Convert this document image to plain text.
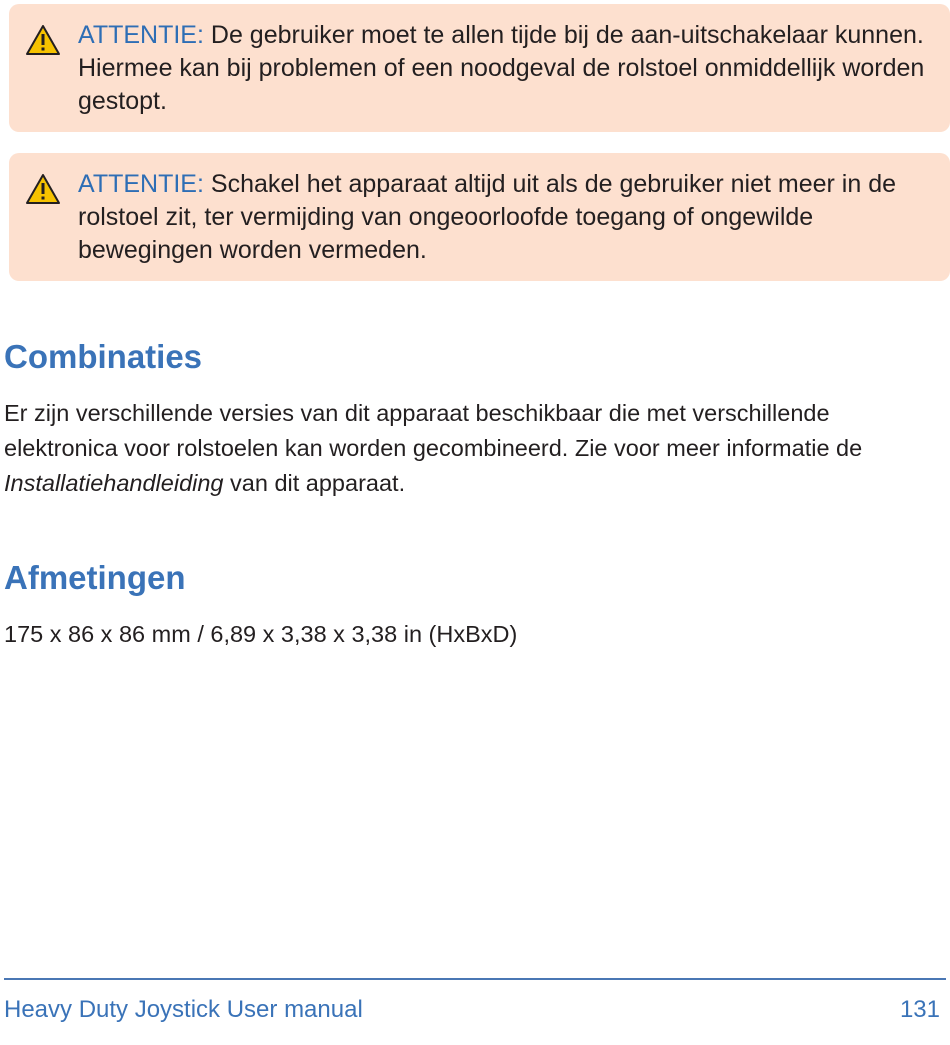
ATTENTIE: De gebruiker moet te allen tijde bij de aan-uitschakelaar kunnen. Hiermee kan bij problemen of een noodgeval de rolstoel onmiddellijk worden gestopt.

ATTENTIE: Schakel het apparaat altijd uit als de gebruiker niet meer in de rolstoel zit, ter vermijding van ongeoorloofde toegang of ongewilde bewegingen worden vermeden.

Combinaties

Er zijn verschillende versies van dit apparaat beschikbaar die met verschillende elektronica voor rolstoelen kan worden gecombineerd. Zie voor meer informatie de Installatiehandleiding van dit apparaat.

Afmetingen

175 x 86 x 86 mm / 6,89 x 3,38 x 3,38 in (HxBxD)

Heavy Duty Joystick User manual	131
